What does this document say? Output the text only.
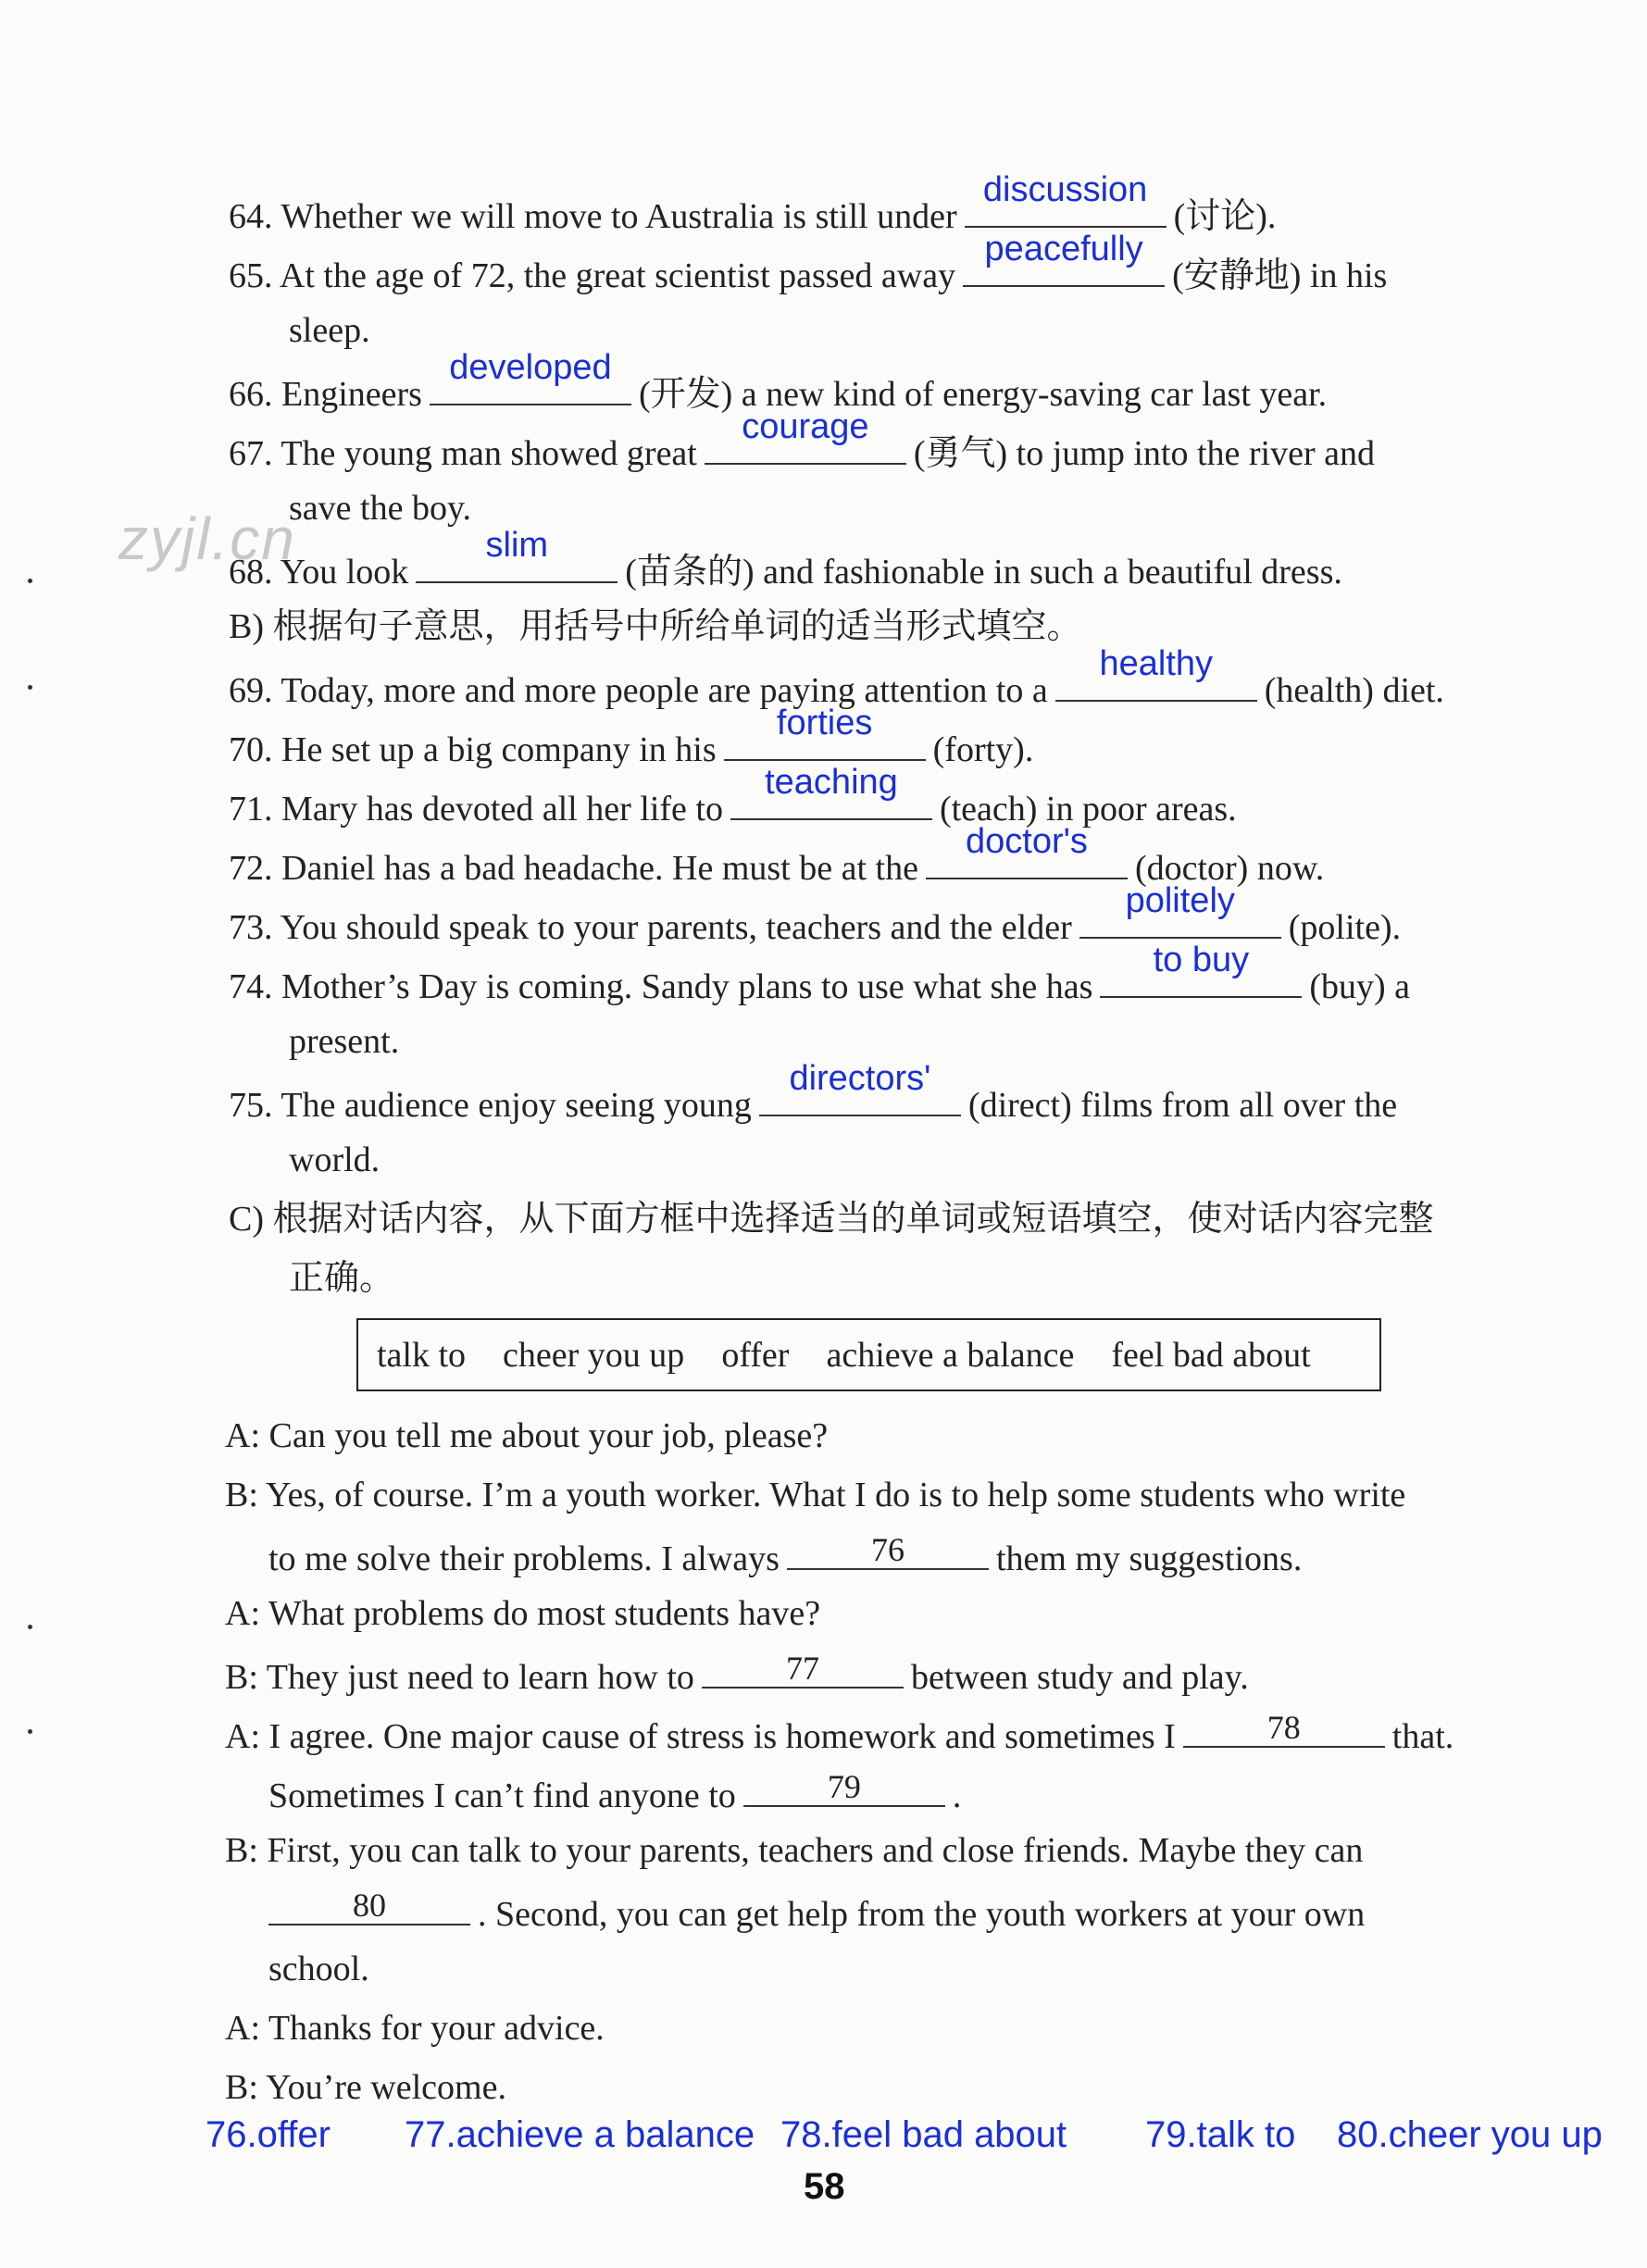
zyjl.cn
64. Whether we will move to Australia is still under
discussion
(讨论).
65. At the age of 72, the great scientist passed away
peacefully
(安静地) in his
sleep.
66. Engineers
developed
(开发) a new kind of energy-saving car last year.
67. The young man showed great
courage
(勇气) to jump into the river and
save the boy.
68. You look
slim
(苗条的) and fashionable in such a beautiful dress.
B) 根据句子意思，用括号中所给单词的适当形式填空。
69. Today, more and more people are paying attention to a
healthy
(health) diet.
70. He set up a big company in his
forties
(forty).
71. Mary has devoted all her life to
teaching
(teach) in poor areas.
72. Daniel has a bad headache. He must be at the
doctor's
(doctor) now.
73. You should speak to your parents, teachers and the elder
politely
(polite).
74. Mother’s Day is coming. Sandy plans to use what she has
to buy
(buy) a
present.
75. The audience enjoy seeing young
directors'
(direct) films from all over the
world.
C) 根据对话内容，从下面方框中选择适当的单词或短语填空，使对话内容完整
正确。
talk to cheer you up offer achieve a balance feel bad about
A: Can you tell me about your job, please?
B: Yes, of course. I’m a youth worker. What I do is to help some students who write
to me solve their problems. I always	76	them my suggestions.
A: What problems do most students have?
B: They just need to learn how to	77	between study and play.
A: I agree. One major cause of stress is homework and sometimes I	78	that.
Sometimes I can’t find anyone to	79	.
B: First, you can talk to your parents, teachers and close friends. Maybe they can
80	. Second, you can get help from the youth workers at your own
school.
A: Thanks for your advice.
B: You’re welcome.
76.offer 77.achieve a balance 78.feel bad about 79.talk to 80.cheer you up
58
